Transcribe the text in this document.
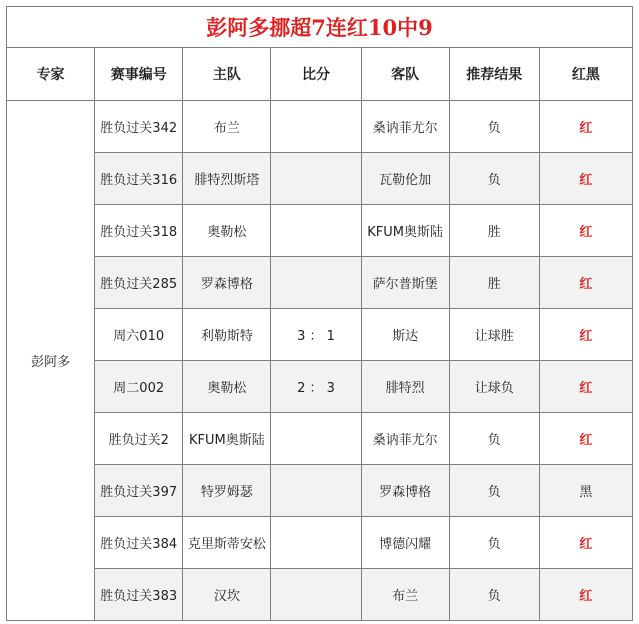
彭阿多挪超7连红10中9
专家	赛事编号	主队	比分	客队	推荐结果	红黑
彭阿多	胜负过关342	布兰		桑讷菲尤尔	负	红
	胜负过关316	腓特烈斯塔		瓦勒伦加	负	红
	胜负过关318	奥勒松		KFUM奥斯陆	胜	红
	胜负过关285	罗森博格		萨尔普斯堡	胜	红
	周六010	利勒斯特	3 ： 1	斯达	让球胜	红
	周二002	奥勒松	2 ： 3	腓特烈	让球负	红
	胜负过关2	KFUM奥斯陆		桑讷菲尤尔	负	红
	胜负过关397	特罗姆瑟		罗森博格	负	黑
	胜负过关384	克里斯蒂安松		博德闪耀	负	红
	胜负过关383	汉坎		布兰	负	红
